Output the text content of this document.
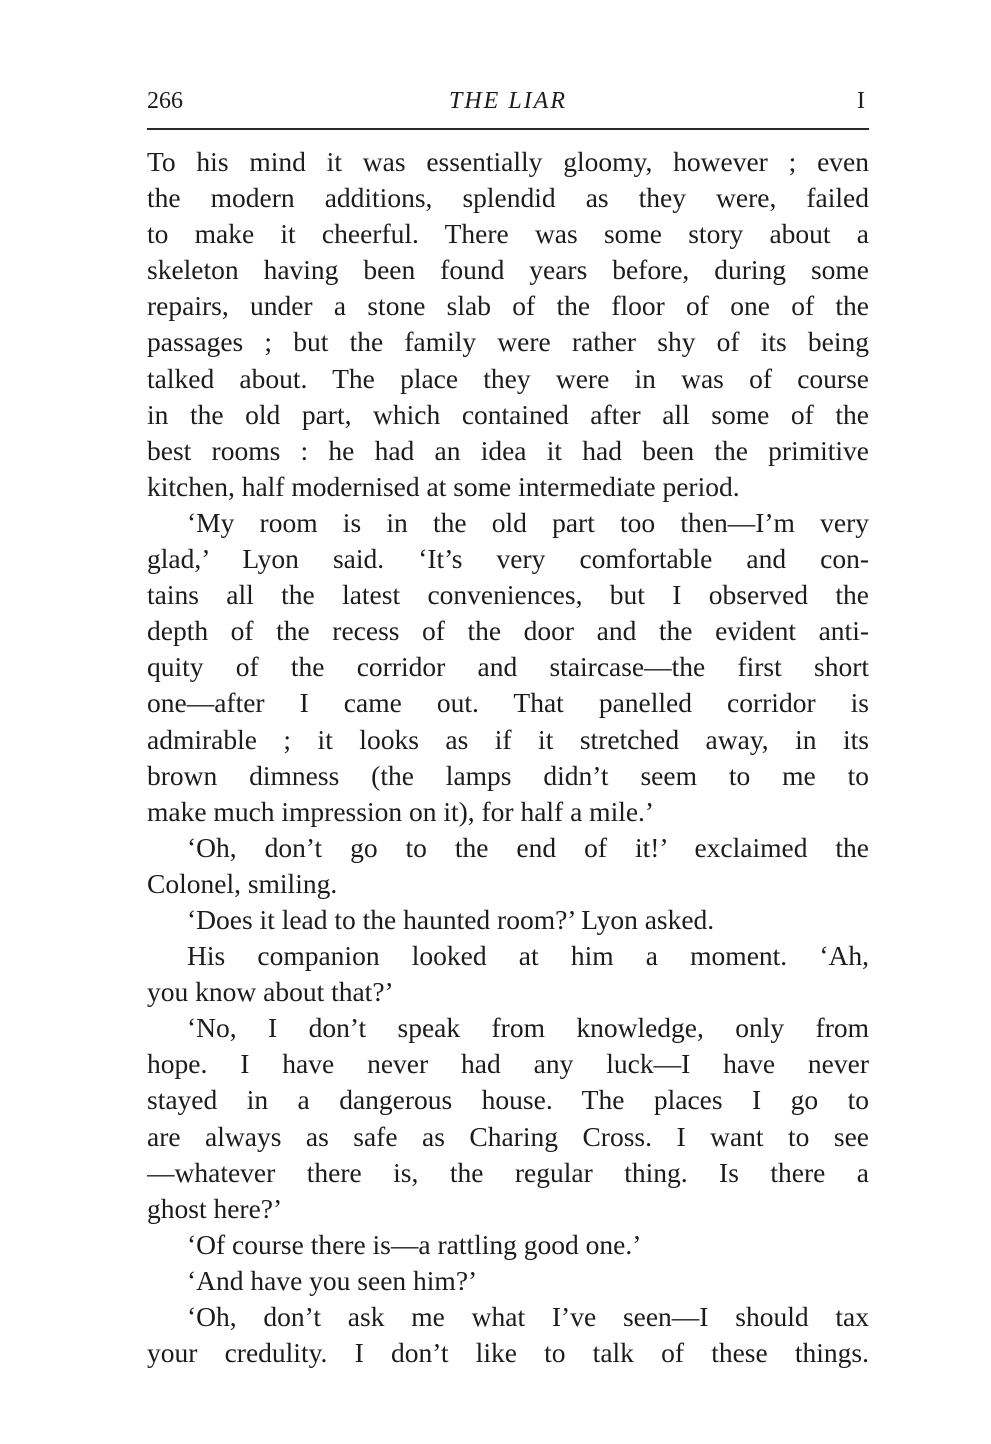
266	THE LIAR	I
To his mind it was essentially gloomy, however ; even
the modern additions, splendid as they were, failed
to make it cheerful. There was some story about a
skeleton having been found years before, during some
repairs, under a stone slab of the floor of one of the
passages ; but the family were rather shy of its being
talked about. The place they were in was of course
in the old part, which contained after all some of the
best rooms : he had an idea it had been the primitive
kitchen, half modernised at some intermediate period.
‘My room is in the old part too then—I’m very
glad,’ Lyon said. ‘It’s very comfortable and con-
tains all the latest conveniences, but I observed the
depth of the recess of the door and the evident anti-
quity of the corridor and staircase—the first short
one—after I came out. That panelled corridor is
admirable ; it looks as if it stretched away, in its
brown dimness (the lamps didn’t seem to me to
make much impression on it), for half a mile.’
‘Oh, don’t go to the end of it!’ exclaimed the
Colonel, smiling.
‘Does it lead to the haunted room?’ Lyon asked.
His companion looked at him a moment. ‘Ah,
you know about that?’
‘No, I don’t speak from knowledge, only from
hope. I have never had any luck—I have never
stayed in a dangerous house. The places I go to
are always as safe as Charing Cross. I want to see
—whatever there is, the regular thing. Is there a
ghost here?’
‘Of course there is—a rattling good one.’
‘And have you seen him?’
‘Oh, don’t ask me what I’ve seen—I should tax
your credulity. I don’t like to talk of these things.
